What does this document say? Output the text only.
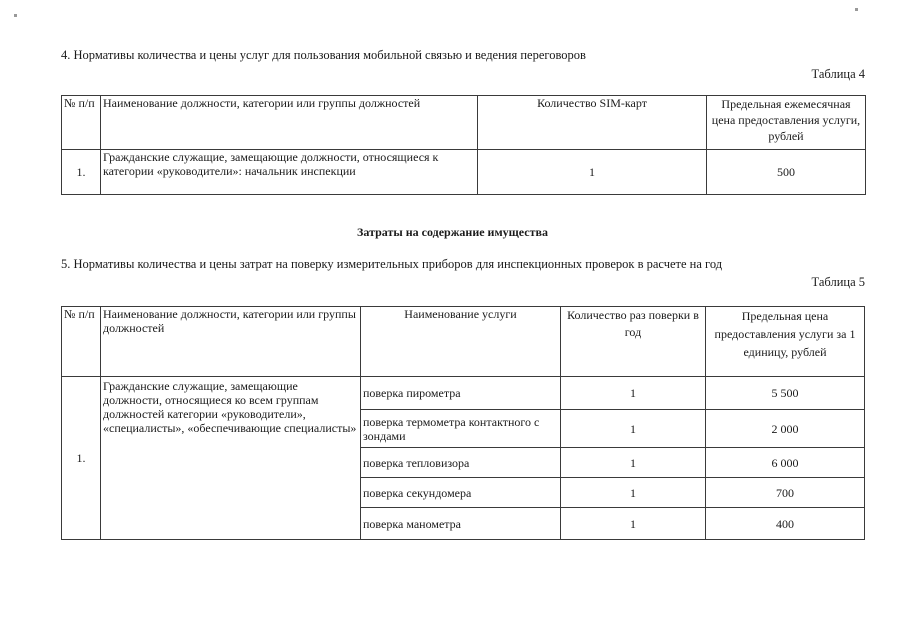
4. Нормативы количества и цены услуг для пользования мобильной связью и ведения переговоров
Таблица 4
№ п/п	Наименование должности, категории или группы должностей	Количество SIM-карт	Предельная ежемесячная цена предоставления услуги, рублей
1.	Гражданские служащие, замещающие должности, относящиеся к категории «руководители»: начальник инспекции	1	500
Затраты на содержание имущества
5. Нормативы количества и цены затрат на поверку измерительных приборов для инспекционных проверок в расчете на год
Таблица 5
№ п/п	Наименование должности, категории или группы должностей	Наименование услуги	Количество раз поверки в год	Предельная цена предоставления услуги за 1 единицу, рублей
1.	Гражданские служащие, замещающие должности, относящиеся ко всем группам должностей категории «руководители», «специалисты», «обеспечивающие специалисты»	поверка пирометра	1	5 500
		поверка термометра контактного с зондами	1	2 000
		поверка тепловизора	1	6 000
		поверка секундомера	1	700
		поверка манометра	1	400
